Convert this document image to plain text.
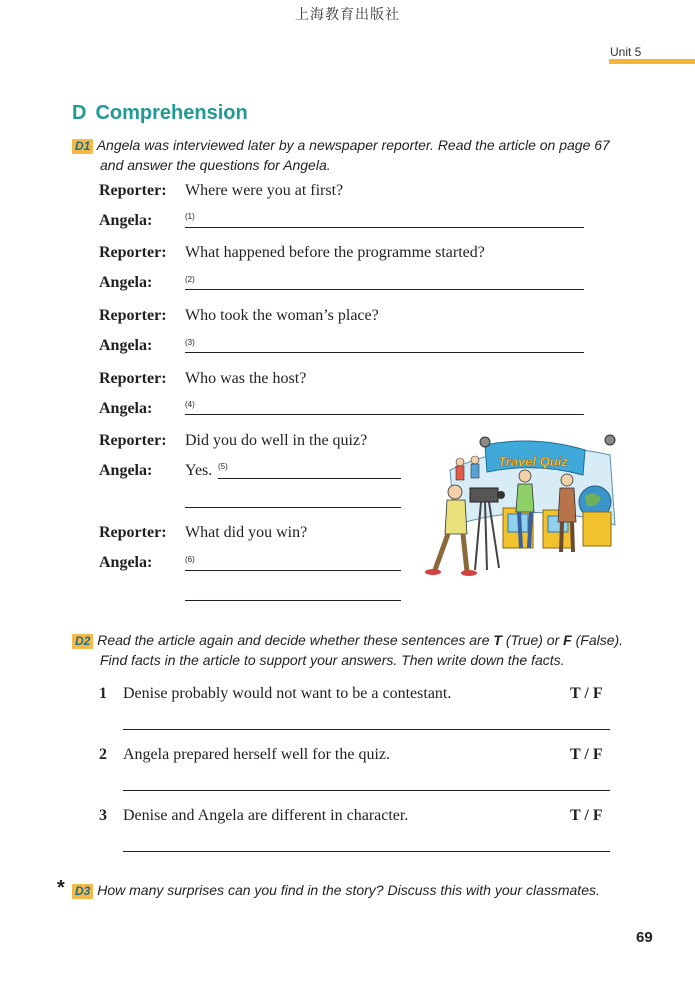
上海教育出版社
Unit 5
D Comprehension
D1 Angela was interviewed later by a newspaper reporter. Read the article on page 67
and answer the questions for Angela.
Reporter: Where were you at first?
Angela:	(1)
Reporter: What happened before the programme started?
Angela:	(2)
Reporter: Who took the woman’s place?
Angela:	(3)
Reporter: Who was the host?
Angela:	(4)
Reporter: Did you do well in the quiz?
Angela: Yes. (5)
Reporter: What did you win?
Angela:	(6)
Travel Quiz
D2 Read the article again and decide whether these sentences are T (True) or F (False).
Find facts in the article to support your answers. Then write down the facts.
1 Denise probably would not want to be a contestant.	T / F
2 Angela prepared herself well for the quiz.	T / F
3 Denise and Angela are different in character.	T / F
* D3 How many surprises can you find in the story? Discuss this with your classmates.
69
